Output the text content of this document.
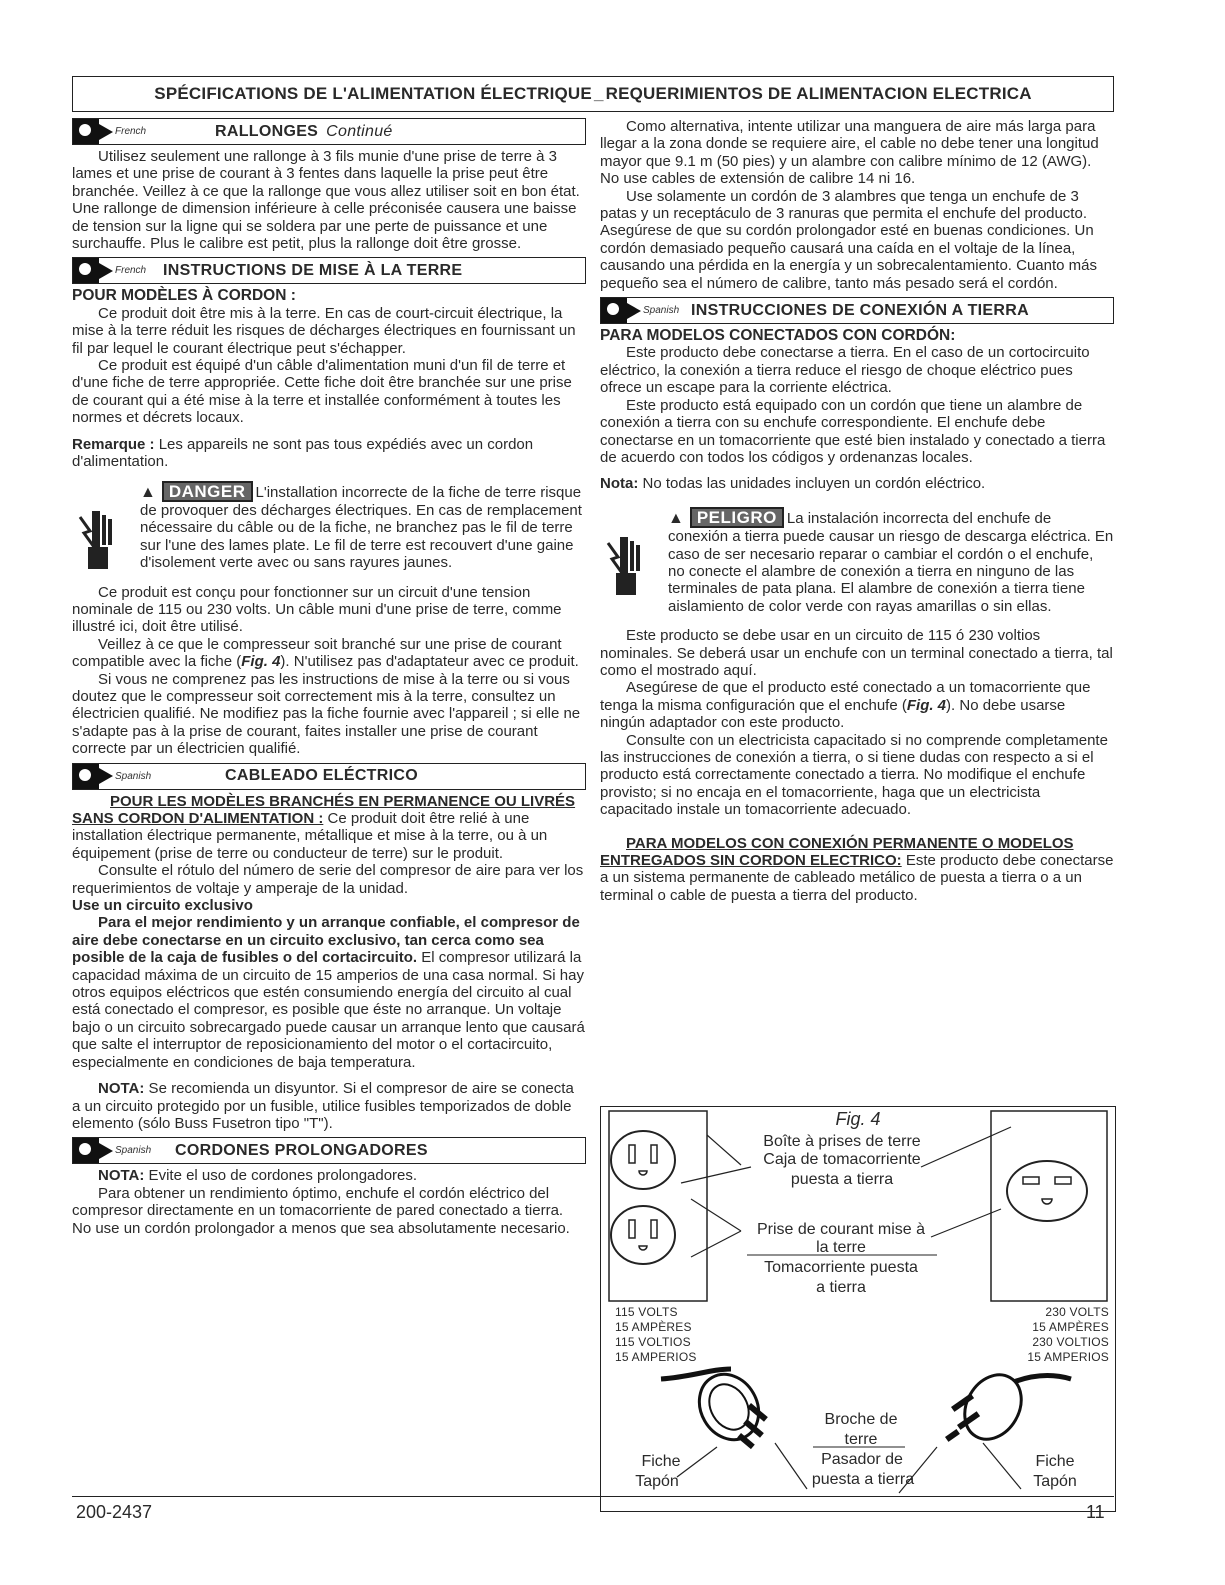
SPÉCIFICATIONS DE L'ALIMENTATION ÉLECTRIQUE _ REQUERIMIENTOS DE ALIMENTACION ELECTRICA
French	RALLONGES Continué

Utilisez seulement une rallonge à 3 fils munie d'une prise de terre à 3 lames et une prise de courant à 3 fentes dans laquelle la prise peut être branchée. Veillez à ce que la rallonge que vous allez utiliser soit en bon état. Une rallonge de dimension inférieure à celle préconisée causera une baisse de tension sur la ligne qui se soldera par une perte de puissance et une surchauffe. Plus le calibre est petit, plus la rallonge doit être grosse.

French INSTRUCTIONS DE MISE À LA TERRE

POUR MODÈLES À CORDON :

Ce produit doit être mis à la terre. En cas de court-circuit électrique, la mise à la terre réduit les risques de décharges électriques en fournissant un fil par lequel le courant électrique peut s'échapper.

Ce produit est équipé d'un câble d'alimentation muni d'un fil de terre et d'une fiche de terre appropriée. Cette fiche doit être branchée sur une prise de courant qui a été mise à la terre et installée conformément à toutes les normes et décrets locaux.

Remarque : Les appareils ne sont pas tous expédiés avec un cordon d'alimentation.

▲ DANGER L'installation incorrecte de la fiche de terre risque de provoquer des décharges électriques. En cas de remplacement nécessaire du câble ou de la fiche, ne branchez pas le fil de terre sur l'une des lames plate. Le fil de terre est recouvert d'une gaine d'isolement verte avec ou sans rayures jaunes.

Ce produit est conçu pour fonctionner sur un circuit d'une tension nominale de 115 ou 230 volts. Un câble muni d'une prise de terre, comme illustré ici, doit être utilisé.

Veillez à ce que le compresseur soit branché sur une prise de courant compatible avec la fiche (Fig. 4). N'utilisez pas d'adaptateur avec ce produit.

Si vous ne comprenez pas les instructions de mise à la terre ou si vous doutez que le compresseur soit correctement mis à la terre, consultez un électricien qualifié. Ne modifiez pas la fiche fournie avec l'appareil ; si elle ne s'adapte pas à la prise de courant, faites installer une prise de courant correcte par un électricien qualifié.

Spanish	CABLEADO ELÉCTRICO

POUR LES MODÈLES BRANCHÉS EN PERMANENCE OU LIVRÉS SANS CORDON D'ALIMENTATION : Ce produit doit être relié à une installation électrique permanente, métallique et mise à la terre, ou à un équipement (prise de terre ou conducteur de terre) sur le produit.

Consulte el rótulo del número de serie del compresor de aire para ver los requerimientos de voltaje y amperaje de la unidad.

Use un circuito exclusivo

Para el mejor rendimiento y un arranque confiable, el compresor de aire debe conectarse en un circuito exclusivo, tan cerca como sea posible de la caja de fusibles o del cortacircuito. El compresor utilizará la capacidad máxima de un circuito de 15 amperios de una casa normal. Si hay otros equipos eléctricos que estén consumiendo energía del circuito al cual está conectado el compresor, es posible que éste no arranque. Un voltaje bajo o un circuito sobrecargado puede causar un arranque lento que causará que salte el interruptor de reposicionamiento del motor o el cortacircuito, especialmente en condiciones de baja temperatura.

NOTA: Se recomienda un disyuntor. Si el compresor de aire se conecta a un circuito protegido por un fusible, utilice fusibles temporizados de doble elemento (sólo Buss Fusetron tipo "T").

Spanish CORDONES PROLONGADORES

NOTA: Evite el uso de cordones prolongadores.

Para obtener un rendimiento óptimo, enchufe el cordón eléctrico del compresor directamente en un tomacorriente de pared conectado a tierra. No use un cordón prolongador a menos que sea absolutamente necesario.

Como alternativa, intente utilizar una manguera de aire más larga para llegar a la zona donde se requiere aire, el cable no debe tener una longitud mayor que 9.1 m (50 pies) y un alambre con calibre mínimo de 12 (AWG). No use cables de extensión de calibre 14 ni 16.

Use solamente un cordón de 3 alambres que tenga un enchufe de 3 patas y un receptáculo de 3 ranuras que permita el enchufe del producto. Asegúrese de que su cordón prolongador esté en buenas condiciones. Un cordón demasiado pequeño causará una caída en el voltaje de la línea, causando una pérdida en la energía y un sobrecalentamiento. Cuanto más pequeño sea el número de calibre, tanto más pesado será el cordón.

Spanish INSTRUCCIONES DE CONEXIÓN A TIERRA

PARA MODELOS CONECTADOS CON CORDÓN:

Este producto debe conectarse a tierra. En el caso de un cortocircuito eléctrico, la conexión a tierra reduce el riesgo de choque eléctrico pues ofrece un escape para la corriente eléctrica.

Este producto está equipado con un cordón que tiene un alambre de conexión a tierra con su enchufe correspondiente. El enchufe debe conectarse en un tomacorriente que esté bien instalado y conectado a tierra de acuerdo con todos los códigos y ordenanzas locales.

Nota: No todas las unidades incluyen un cordón eléctrico.

▲ PELIGRO La instalación incorrecta del enchufe de conexión a tierra puede causar un riesgo de descarga eléctrica. En caso de ser necesario reparar o cambiar el cordón o el enchufe, no conecte el alambre de conexión a tierra en ninguno de las terminales de pata plana. El alambre de conexión a tierra tiene aislamiento de color verde con rayas amarillas o sin ellas.

Este producto se debe usar en un circuito de 115 ó 230 voltios nominales. Se deberá usar un enchufe con un terminal conectado a tierra, tal como el mostrado aquí.

Asegúrese de que el producto esté conectado a un tomacorriente que tenga la misma configuración que el enchufe (Fig. 4). No debe usarse ningún adaptador con este producto.

Consulte con un electricista capacitado si no comprende completamente las instrucciones de conexión a tierra, o si tiene dudas con respecto a si el producto está correctamente conectado a tierra. No modifique el enchufe provisto; si no encaja en el tomacorriente, haga que un electricista capacitado instale un tomacorriente adecuado.

PARA MODELOS CON CONEXIÓN PERMANENTE O MODELOS ENTREGADOS SIN CORDON ELECTRICO: Este producto debe conectarse a un sistema permanente de cableado metálico de puesta a tierra o a un terminal o cable de puesta a tierra del producto.

Fig. 4
Boîte à prises de terre
Caja de tomacorriente
puesta a tierra
Prise de courant mise à
la terre
Tomacorriente puesta
a tierra
115 VOLTS
15 AMPÈRES
115 VOLTIOS
15 AMPERIOS
230 VOLTS
15 AMPÈRES
230 VOLTIOS
15 AMPERIOS
Broche de
terre
Pasador de
puesta a tierra
Fiche
Tapón
Fiche
Tapón
200-2437	11
